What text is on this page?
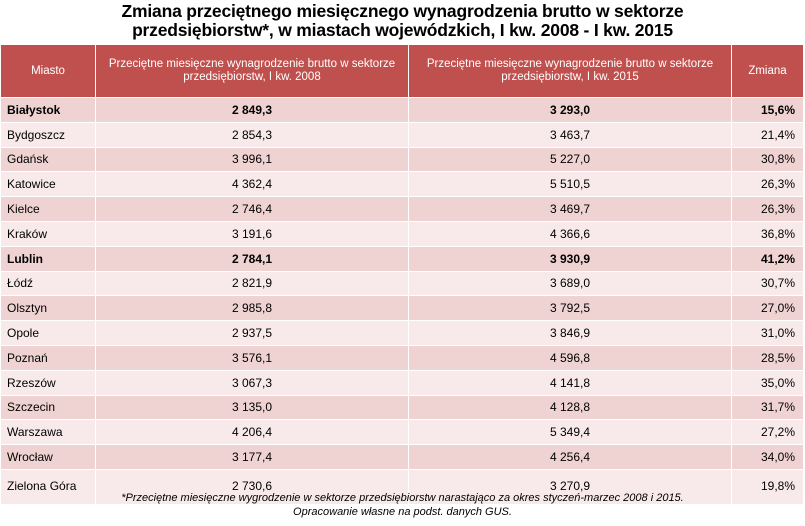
Zmiana przeciętnego miesięcznego wynagrodzenia brutto w sektorze
przedsiębiorstw*, w miastach wojewódzkich, I kw. 2008 - I kw. 2015
Miasto	Przeciętne miesięczne wynagrodzenie brutto w sektorze przedsiębiorstw, I kw. 2008	Przeciętne miesięczne wynagrodzenie brutto w sektorze przedsiębiorstw, I kw. 2015	Zmiana
Białystok	2 849,3	3 293,0	15,6%
Bydgoszcz	2 854,3	3 463,7	21,4%
Gdańsk	3 996,1	5 227,0	30,8%
Katowice	4 362,4	5 510,5	26,3%
Kielce	2 746,4	3 469,7	26,3%
Kraków	3 191,6	4 366,6	36,8%
Lublin	2 784,1	3 930,9	41,2%
Łódź	2 821,9	3 689,0	30,7%
Olsztyn	2 985,8	3 792,5	27,0%
Opole	2 937,5	3 846,9	31,0%
Poznań	3 576,1	4 596,8	28,5%
Rzeszów	3 067,3	4 141,8	35,0%
Szczecin	3 135,0	4 128,8	31,7%
Warszawa	4 206,4	5 349,4	27,2%
Wrocław	3 177,4	4 256,4	34,0%
Zielona Góra	2 730,6	3 270,9	19,8%
*Przeciętne miesięczne wygrodzenie w sektorze przedsiębiorstw narastająco za okres styczeń-marzec 2008 i 2015.
Opracowanie własne na podst. danych GUS.
